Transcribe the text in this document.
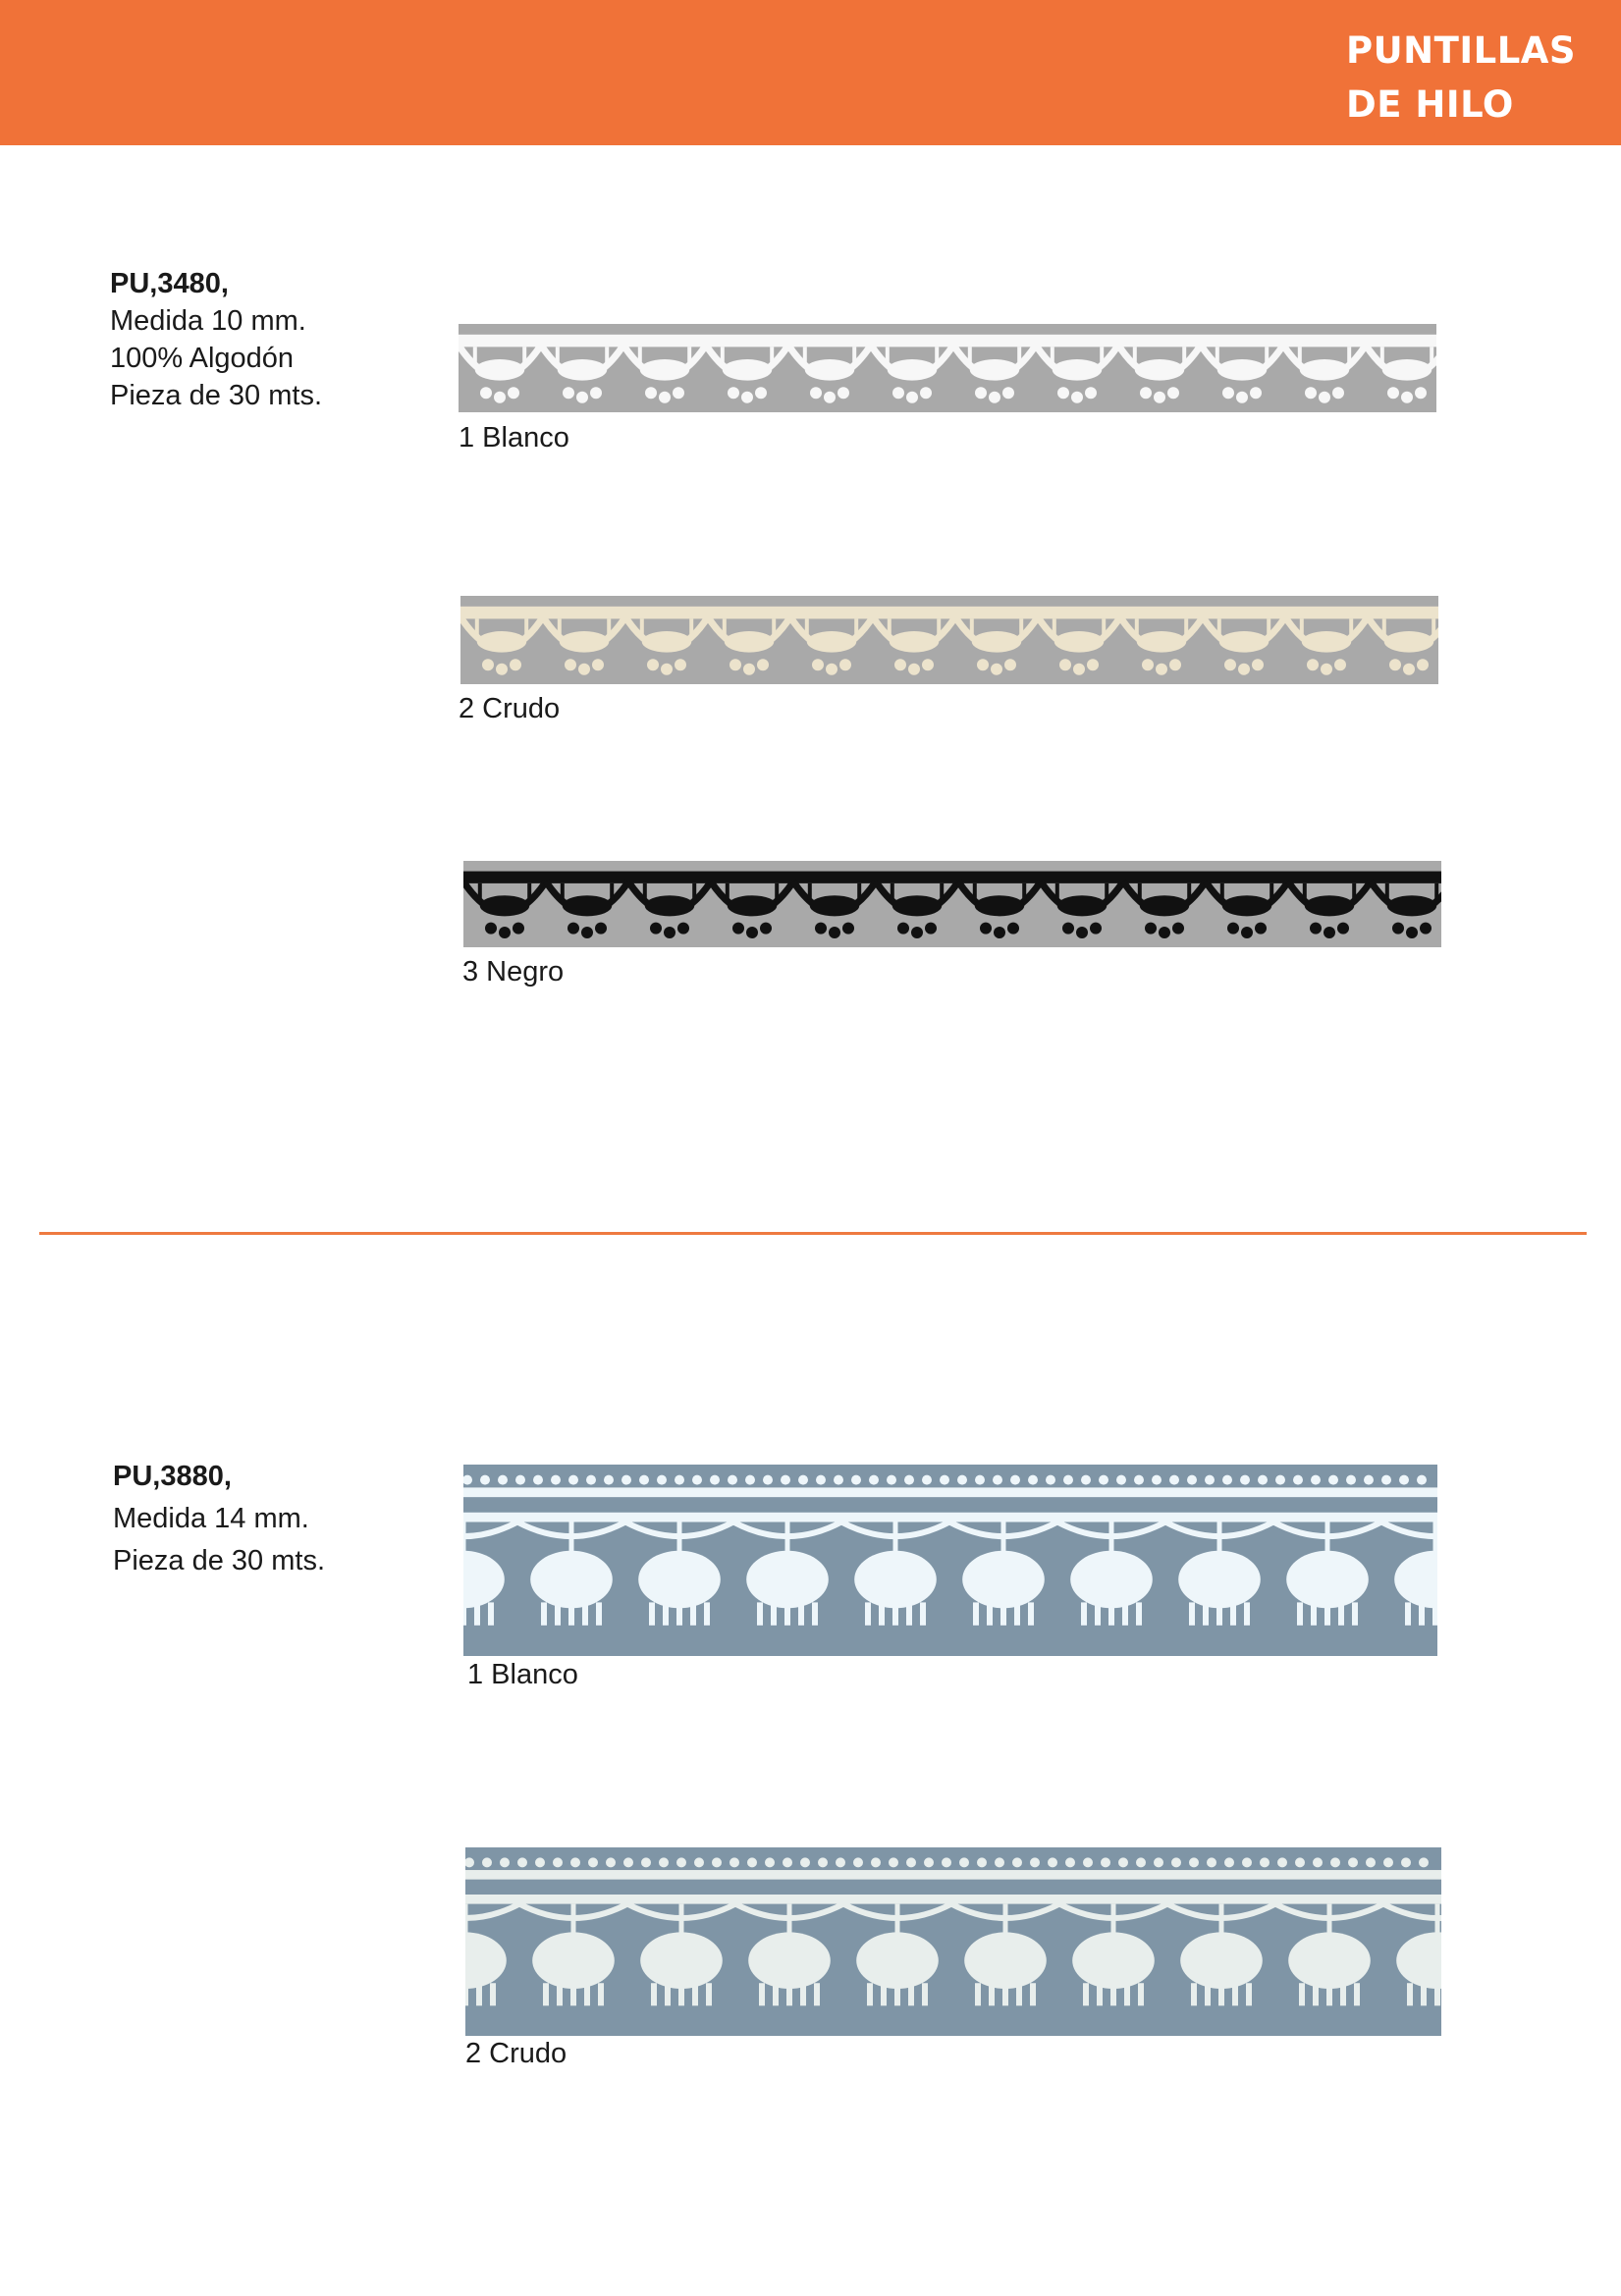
PUNTILLAS
DE HILO
PU,3480,
Medida 10 mm.
100% Algodón
Pieza de 30 mts.
1 Blanco
2 Crudo
3 Negro
PU,3880,
Medida 14 mm.
Pieza de 30 mts.
1 Blanco
2 Crudo
